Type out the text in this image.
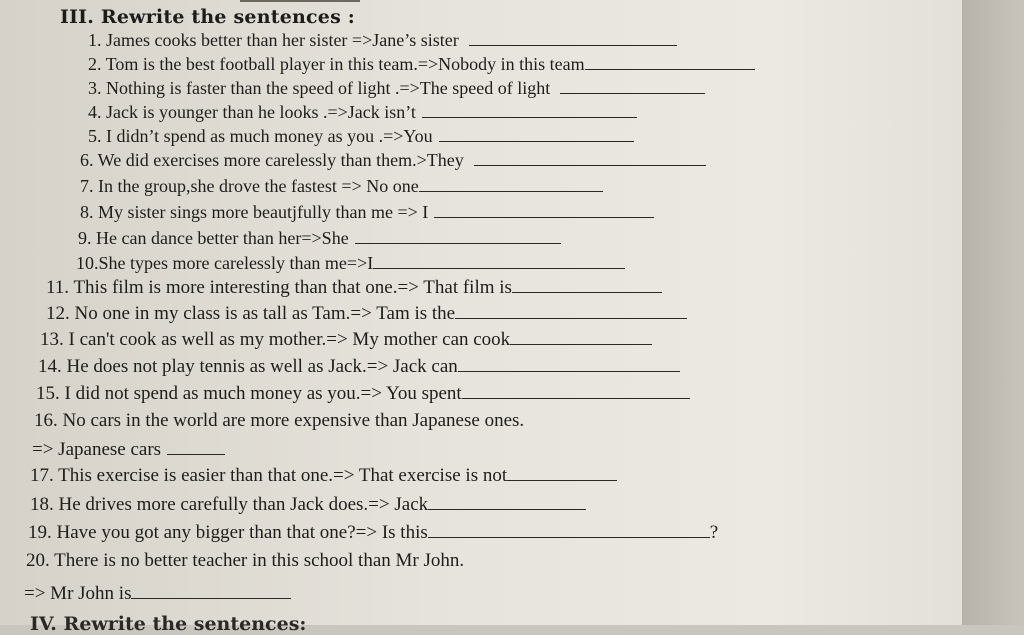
III. Rewrite the sentences :
1. James cooks better than her sister =>Jane’s sister
2. Tom is the best football player in this team.=>Nobody in this team
3. Nothing is faster than the speed of light .=>The speed of light
4. Jack is younger than he looks .=>Jack isn’t
5. I didn’t spend as much money as you .=>You
6. We did exercises more carelessly than them.>They
7. In the group,she drove the fastest => No one
8. My sister sings more beautjfully than me => I
9. He can dance better than her=>She
10.She types more carelessly than me=>I
11. This film is more interesting than that one.=> That film is
12. No one in my class is as tall as Tam.=> Tam is the
13. I can't cook as well as my mother.=> My mother can cook
14. He does not play tennis as well as Jack.=> Jack can
15. I did not spend as much money as you.=> You spent
16. No cars in the world are more expensive than Japanese ones.
=> Japanese cars
17. This exercise is easier than that one.=> That exercise is not
18. He drives more carefully than Jack does.=> Jack
19. Have you got any bigger than that one?=> Is this	?
20. There is no better teacher in this school than Mr John.
=> Mr John is
IV. Rewrite the sentences:
